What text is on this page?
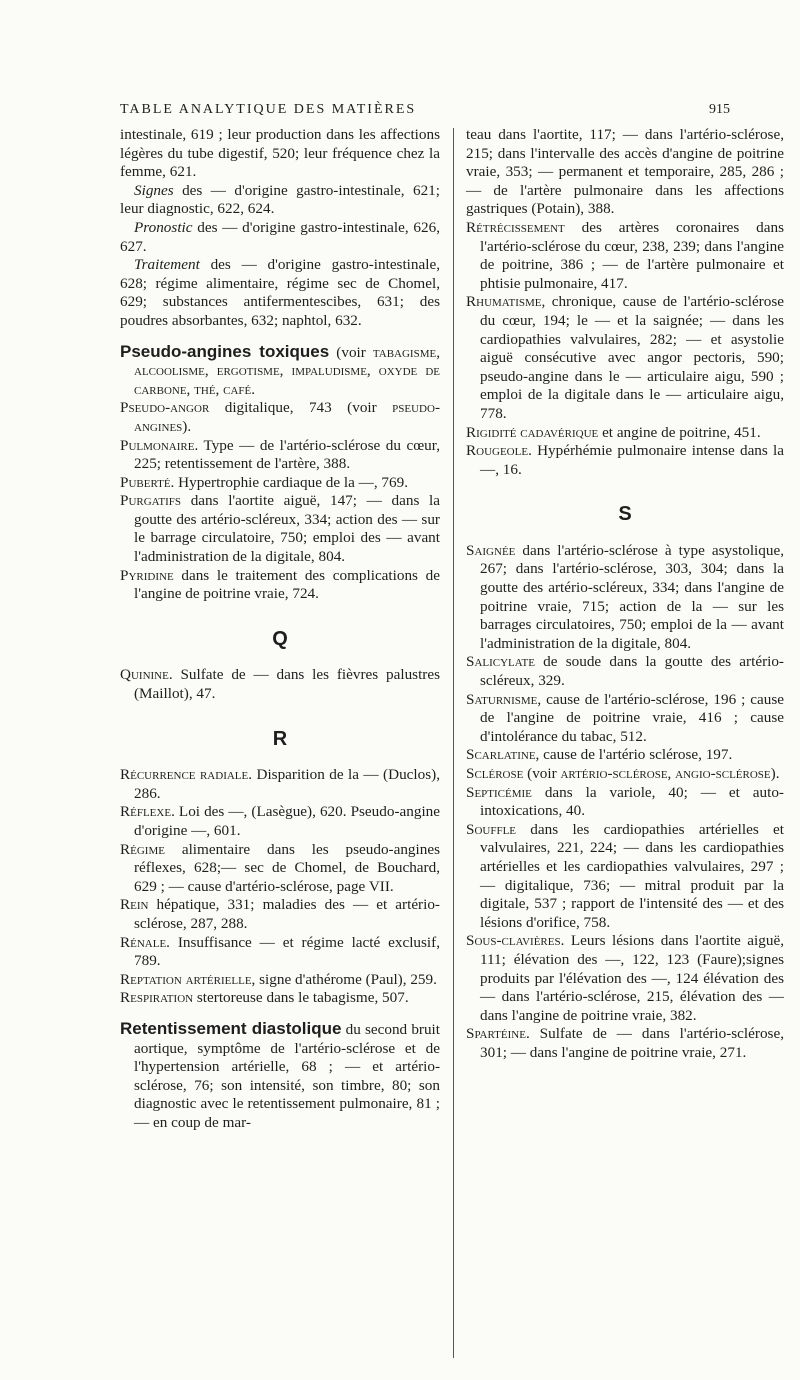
TABLE ANALYTIQUE DES MATIÈRES	915

intestinale, 619 ; leur production dans les affections légères du tube digestif, 520; leur fréquence chez la femme, 621.

Signes des — d'origine gastro-intestinale, 621; leur diagnostic, 622, 624.

Pronostic des — d'origine gastro-intestinale, 626, 627.

Traitement des — d'origine gastro-intestinale, 628; régime alimentaire, régime sec de Chomel, 629; substances antifermentescibes, 631; des poudres absorbantes, 632; naphtol, 632.

Pseudo-angines toxiques (voir tabagisme, alcoolisme, ergotisme, impaludisme, oxyde de carbone, thé, café.

Pseudo-angor digitalique, 743 (voir pseudo-angines).

Pulmonaire. Type — de l'artério-sclérose du cœur, 225; retentissement de l'artère, 388.

Puberté. Hypertrophie cardiaque de la —, 769.

Purgatifs dans l'aortite aiguë, 147; — dans la goutte des artério-scléreux, 334; action des — sur le barrage circulatoire, 750; emploi des — avant l'administration de la digitale, 804.

Pyridine dans le traitement des complications de l'angine de poitrine vraie, 724.

Q

Quinine. Sulfate de — dans les fièvres palustres (Maillot), 47.

R

Récurrence radiale. Disparition de la — (Duclos), 286.

Réflexe. Loi des —, (Lasègue), 620. Pseudo-angine d'origine —, 601.

Régime alimentaire dans les pseudo-angines réflexes, 628;— sec de Chomel, de Bouchard, 629 ; — cause d'artério-sclérose, page VII.

Rein hépatique, 331; maladies des — et artério-sclérose, 287, 288.

Rénale. Insuffisance — et régime lacté exclusif, 789.

Reptation artérielle, signe d'athérome (Paul), 259.

Respiration stertoreuse dans le tabagisme, 507.

Retentissement diastolique du second bruit aortique, symptôme de l'artério-sclérose et de l'hypertension artérielle, 68 ; — et artério-sclérose, 76; son intensité, son timbre, 80; son diagnostic avec le retentissement pulmonaire, 81 ; — en coup de mar-

teau dans l'aortite, 117; — dans l'artério-sclérose, 215; dans l'intervalle des accès d'angine de poitrine vraie, 353; — permanent et temporaire, 285, 286 ;— de l'artère pulmonaire dans les affections gastriques (Potain), 388.

Rétrécissement des artères coronaires dans l'artério-sclérose du cœur, 238, 239; dans l'angine de poitrine, 386 ; — de l'artère pulmonaire et phtisie pulmonaire, 417.

Rhumatisme, chronique, cause de l'artério-sclérose du cœur, 194; le — et la saignée; — dans les cardiopathies valvulaires, 282; — et asystolie aiguë consécutive avec angor pectoris, 590; pseudo-angine dans le — articulaire aigu, 590 ; emploi de la digitale dans le — articulaire aigu, 778.

Rigidité cadavérique et angine de poitrine, 451.

Rougeole. Hypérhémie pulmonaire intense dans la —, 16.

S

Saignée dans l'artério-sclérose à type asystolique, 267; dans l'artério-sclérose, 303, 304; dans la goutte des artério-scléreux, 334; dans l'angine de poitrine vraie, 715; action de la — sur les barrages circulatoires, 750; emploi de la — avant l'administration de la digitale, 804.

Salicylate de soude dans la goutte des artério-scléreux, 329.

Saturnisme, cause de l'artério-sclérose, 196 ; cause de l'angine de poitrine vraie, 416 ; cause d'intolérance du tabac, 512.

Scarlatine, cause de l'artério sclérose, 197.

Sclérose (voir artério-sclérose, angio-sclérose).

Septicémie dans la variole, 40; — et auto-intoxications, 40.

Souffle dans les cardiopathies artérielles et valvulaires, 221, 224; — dans les cardiopathies artérielles et les cardiopathies valvulaires, 297 ; — digitalique, 736; — mitral produit par la digitale, 537 ; rapport de l'intensité des — et des lésions d'orifice, 758.

Sous-clavières. Leurs lésions dans l'aortite aiguë, 111; élévation des —, 122, 123 (Faure);signes produits par l'élévation des —, 124 élévation des — dans l'artério-sclérose, 215, élévation des — dans l'angine de poitrine vraie, 382.

Spartéine. Sulfate de — dans l'artério-sclérose, 301; — dans l'angine de poitrine vraie, 271.
